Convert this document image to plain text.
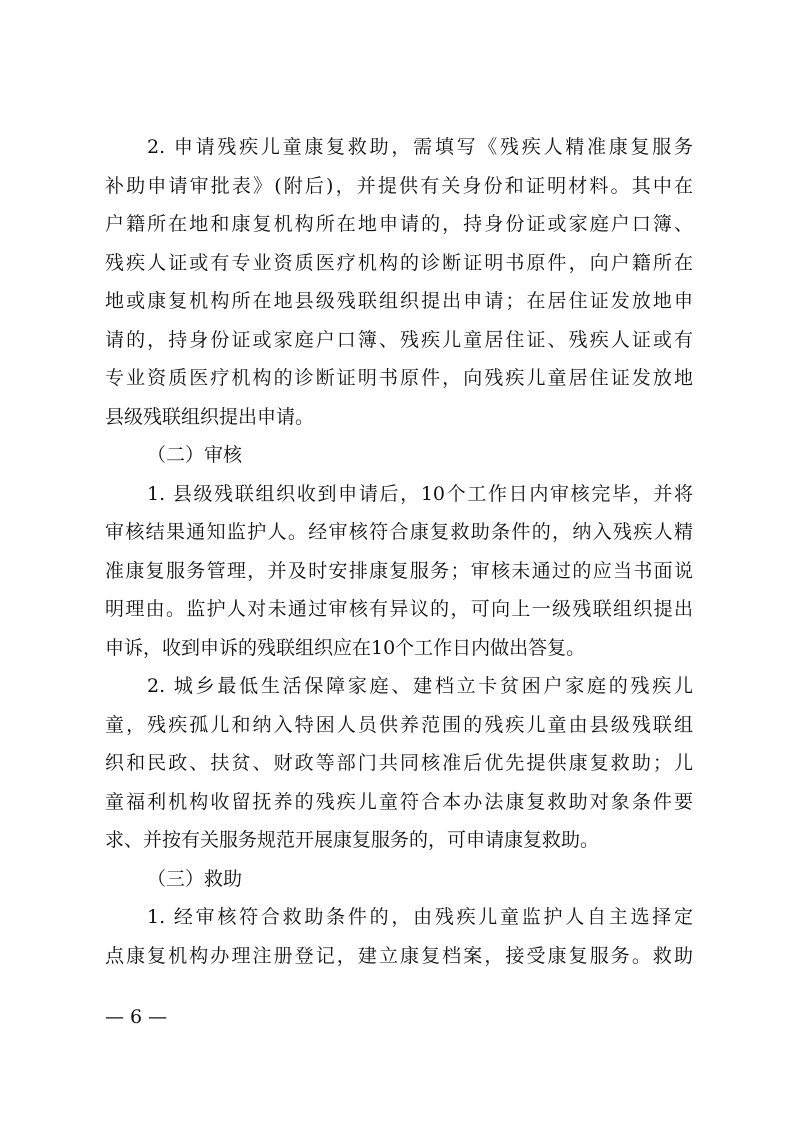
2. 申请残疾儿童康复救助，需填写《残疾人精准康复服务
补助申请审批表》(附后)，并提供有关身份和证明材料。其中在
户籍所在地和康复机构所在地申请的，持身份证或家庭户口簿、
残疾人证或有专业资质医疗机构的诊断证明书原件，向户籍所在
地或康复机构所在地县级残联组织提出申请；在居住证发放地申
请的，持身份证或家庭户口簿、残疾儿童居住证、残疾人证或有
专业资质医疗机构的诊断证明书原件，向残疾儿童居住证发放地
县级残联组织提出申请。
（二）审核
1. 县级残联组织收到申请后，10个工作日内审核完毕，并将
审核结果通知监护人。经审核符合康复救助条件的，纳入残疾人精
准康复服务管理，并及时安排康复服务；审核未通过的应当书面说
明理由。监护人对未通过审核有异议的，可向上一级残联组织提出
申诉，收到申诉的残联组织应在10个工作日内做出答复。
2. 城乡最低生活保障家庭、建档立卡贫困户家庭的残疾儿
童，残疾孤儿和纳入特困人员供养范围的残疾儿童由县级残联组
织和民政、扶贫、财政等部门共同核准后优先提供康复救助；儿
童福利机构收留抚养的残疾儿童符合本办法康复救助对象条件要
求、并按有关服务规范开展康复服务的，可申请康复救助。
（三）救助
1. 经审核符合救助条件的，由残疾儿童监护人自主选择定
点康复机构办理注册登记，建立康复档案，接受康复服务。救助
— 6 —
